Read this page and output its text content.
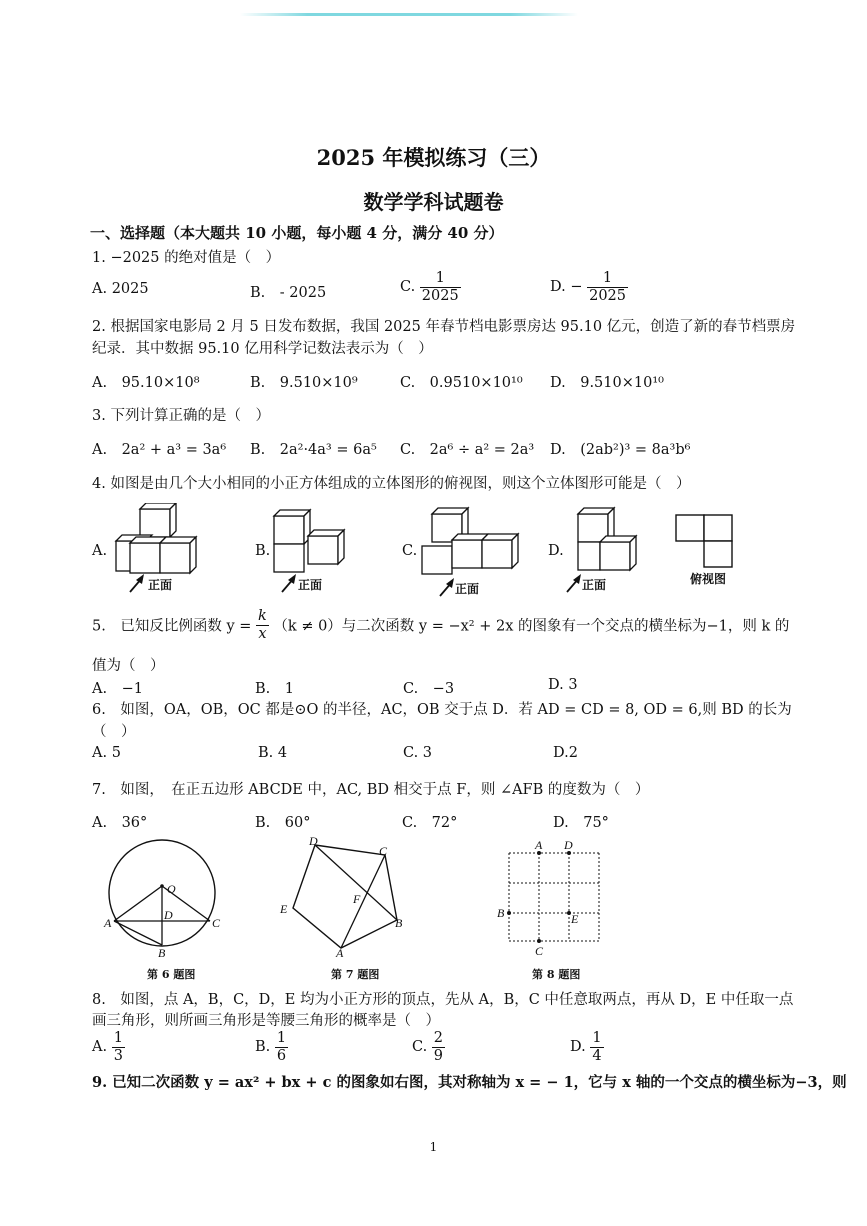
2025 年模拟练习（三）
数学学科试题卷
一、选择题（本大题共 10 小题，每小题 4 分，满分 40 分）
1. −2025 的绝对值是（　）
A. 2025	B.　- 2025	C. $\frac{1}{2025}$	D. − $\frac{1}{2025}$
2. 根据国家电影局 2 月 5 日发布数据，我国 2025 年春节档电影票房达 95.10 亿元，创造了新的春节档票房
纪录．其中数据 95.10 亿用科学记数法表示为（　）
A.　95.10×10⁸	B.　9.510×10⁹	C.　0.9510×10¹⁰ D.　9.510×10¹⁰
3. 下列计算正确的是（　）
A.　2a² + a³ = 3a⁶ B.　2a²·4a³ = 6a⁵ C.　2a⁶ ÷ a² = 2a³ D.　(2ab²)³ = 8a³b⁶
4. 如图是由几个大小相同的小正方体组成的立体图形的俯视图，则这个立体图形可能是（　）
A.
正面
B.
正面
C.
正面
D.
正面	俯视图
5.　已知反比例函数 $y = \frac{k}{x} (k \ne 0)$与二次函数 y = −x² + 2x 的图象有一个交点的横坐标为−1，则 k 的
值为（　）
A.　−1	B.　1	C.　−3	D. 3
6.　如图，OA，OB，OC 都是⊙O 的半径，AC，OB 交于点 D．若 AD = CD = 8, OD = 6,则 BD 的长为
（　）
A. 5	B. 4	C. 3	D.2
7.　如图，　在正五边形 ABCDE 中，AC, BD 相交于点 F，则 ∠AFB 的度数为（　）
A.　36°	B.　60°	C.　72°	D.　75°
O
D
A	C
B
第 6 题图
D
C
F
E
B
A
第 7 题图
A D
B	E
C
第 8 题图
8.　如图，点 A，B，C，D，E 均为小正方形的顶点，先从 A，B，C 中任意取两点，再从 D，E 中任取一点
画三角形，则所画三角形是等腰三角形的概率是（　）
A. $\frac{1}{3}$	B. $\frac{1}{6}$	C. $\frac{2}{9}$	D. $\frac{1}{4}$
9. 已知二次函数 y = ax² + bx + c 的图象如右图，其对称轴为 x = − 1，它与 x 轴的一个交点的横坐标为−3，则
1
